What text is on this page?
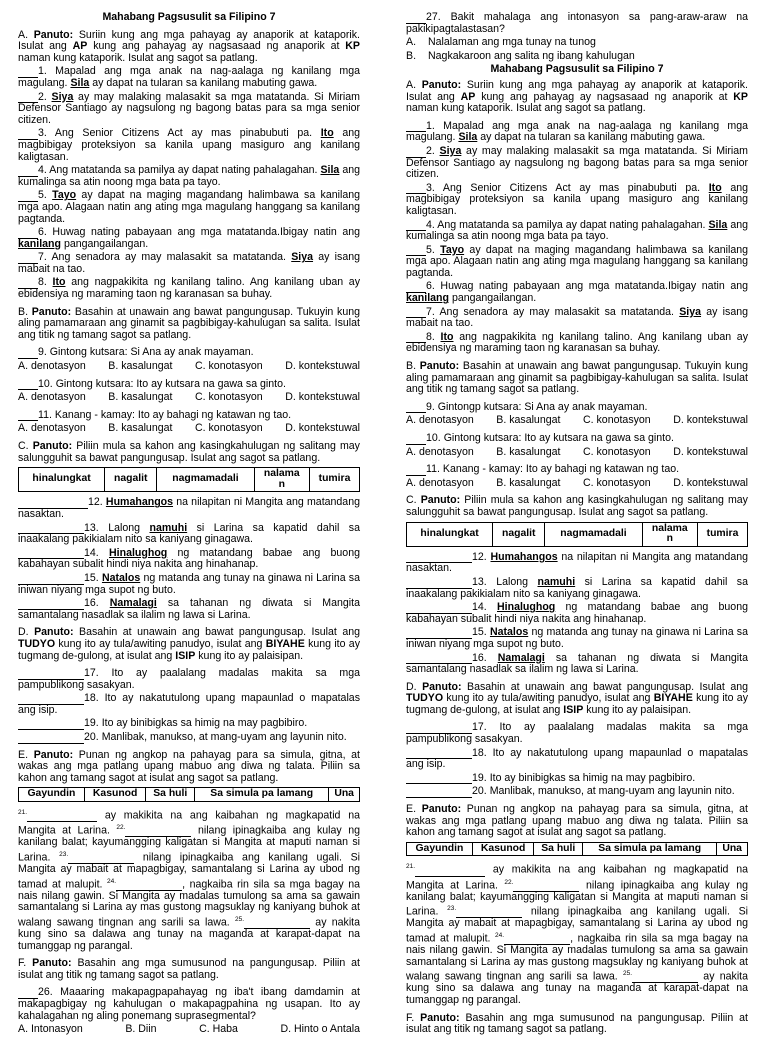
Mahabang Pagsusulit sa Filipino 7

A. Panuto: Suriin kung ang mga pahayag ay anaporik at kataporik. Isulat ang AP kung ang pahayag ay nagsasaad ng anaporik at KP naman kung kataporik. Isulat ang sagot sa patlang.

1. Mapalad ang mga anak na nag-aalaga ng kanilang mga magulang. Sila ay dapat na tularan sa kanilang mabuting gawa.

2. Siya ay may malaking malasakit sa mga matatanda. Si Miriam Defensor Santiago ay nagsulong ng bagong batas para sa mga senior citizen.

3. Ang Senior Citizens Act ay mas pinabubuti pa. Ito ang magbibigay proteksiyon sa kanila upang masiguro ang kanilang kaligtasan.

4. Ang matatanda sa pamilya ay dapat nating pahalagahan. Sila ang kumalinga sa atin noong mga bata pa tayo.

5. Tayo ay dapat na maging magandang halimbawa sa kanilang mga apo. Alagaan natin ang ating mga magulang hanggang sa kanilang pagtanda.

6. Huwag nating pabayaan ang mga matatanda.Ibigay natin ang kanilang pangangailangan.

7. Ang senadora ay may malasakit sa matatanda. Siya ay isang mabait na tao.

8. Ito ang nagpakikita ng kanilang talino. Ang kanilang uban ay ebidensiya ng maraming taon ng karanasan sa buhay.

B. Panuto: Basahin at unawain ang bawat pangungusap. Tukuyin kung aling pamamaraan ang ginamit sa pagbibigay-kahulugan sa salita. Isulat ang titik ng tamang sagot sa patlang.

9. Gintong kutsara: Si Ana ay anak mayaman.

A. denotasyon B. kasalungat C. konotasyon D. kontekstuwal

10. Gintong kutsara: Ito ay kutsara na gawa sa ginto.

A. denotasyon B. kasalungat C. konotasyon D. kontekstuwal

11. Kanang - kamay: Ito ay bahagi ng katawan ng tao.

A. denotasyon B. kasalungat C. konotasyon D. kontekstuwal

C. Panuto: Piliin mula sa kahon ang kasingkahulugan ng salitang may salungguhit sa bawat pangungusap. Isulat ang sagot sa patlang.

hinalungkat	nagalit	nagmamadali	nalama
n	tumira

12. Humahangos na nilapitan ni Mangita ang matandang nasaktan.

13. Lalong namuhi si Larina sa kapatid dahil sa inaakalang pakikialam nito sa kaniyang ginagawa.

14. Hinalughog ng matandang babae ang buong kabahayan subalit hindi niya nakita ang hinahanap.

15. Natalos ng matanda ang tunay na ginawa ni Larina sa iniwan niyang mga supot ng buto.

16. Namalagi sa tahanan ng diwata si Mangita samantalang nasadlak sa ilalim ng lawa si Larina.

D. Panuto: Basahin at unawain ang bawat pangungusap. Isulat ang TUDYO kung ito ay tula/awiting panudyo, isulat ang BIYAHE kung ito ay tugmang de-gulong, at isulat ang ISIP kung ito ay palaisipan.

17. Ito ay paalalang madalas makita sa mga pampublikong sasakyan.

18. Ito ay nakatutulong upang mapaunlad o mapatalas ang isip.

19. Ito ay binibigkas sa himig na may pagbibiro.

20. Manlibak, manukso, at mang-uyam ang layunin nito.

E. Panuto: Punan ng angkop na pahayag para sa simula, gitna, at wakas ang mga patlang upang mabuo ang diwa ng talata. Piliin sa kahon ang tamang sagot at isulat ang sagot sa patlang.

Gayundin	Kasunod	Sa huli	Sa simula pa lamang	Una

$^{21.}$	ay makikita na ang kaibahan ng magkapatid na Mangita at Larina. $^{22.}$	nilang ipinagkaiba ang kulay ng kanilang balat; kayumangging kaligatan si Mangita at maputi naman si Larina. $^{23.}$	nilang ipinagkaiba ang kanilang ugali. Si Mangita ay mabait at mapagbigay, samantalang si Larina ay ubod ng tamad at malupit. $^{24.}$	, nagkaiba rin sila sa mga bagay na nais nilang gawin. Si Mangita ay madalas tumulong sa ama sa gawain samantalang si Larina ay mas gustong magsuklay ng kaniyang buhok at walang sawang tingnan ang sarili sa lawa. $^{25.}$	ay nakita kung sino sa dalawa ang tunay na maganda at karapat-dapat na tumanggap ng parangal.

F. Panuto: Basahin ang mga sumusunod na pangungusap. Piliin at isulat ang titik ng tamang sagot sa patlang.

26. Maaaring makapagpapahayag ng iba't ibang damdamin at makapagbigay ng kahulugan o makapagpahina ng usapan. Ito ay kahalagahan ng aling ponemang suprasegmental?

A. Intonasyon	B. Diin	C. Haba	D. Hinto o Antala

27. Bakit mahalaga ang intonasyon sa pang-araw-araw na pakikipagtalastasan?

A. Nalalaman ang mga tunay na tunog

B. Nagkakaroon ang salita ng ibang kahulugan

Mahabang Pagsusulit sa Filipino 7

A. Panuto: Suriin kung ang mga pahayag ay anaporik at kataporik. Isulat ang AP kung ang pahayag ay nagsasaad ng anaporik at KP naman kung kataporik. Isulat ang sagot sa patlang.

1. Mapalad ang mga anak na nag-aalaga ng kanilang mga magulang. Sila ay dapat na tularan sa kanilang mabuting gawa.

2. Siya ay may malaking malasakit sa mga matatanda. Si Miriam Defensor Santiago ay nagsulong ng bagong batas para sa mga senior citizen.

3. Ang Senior Citizens Act ay mas pinabubuti pa. Ito ang magbibigay proteksiyon sa kanila upang masiguro ang kanilang kaligtasan.

4. Ang matatanda sa pamilya ay dapat nating pahalagahan. Sila ang kumalinga sa atin noong mga bata pa tayo.

5. Tayo ay dapat na maging magandang halimbawa sa kanilang mga apo. Alagaan natin ang ating mga magulang hanggang sa kanilang pagtanda.

6. Huwag nating pabayaan ang mga matatanda.Ibigay natin ang kanilang pangangailangan.

7. Ang senadora ay may malasakit sa matatanda. Siya ay isang mabait na tao.

8. Ito ang nagpakikita ng kanilang talino. Ang kanilang uban ay ebidensiya ng maraming taon ng karanasan sa buhay.

B. Panuto: Basahin at unawain ang bawat pangungusap. Tukuyin kung aling pamamaraan ang ginamit sa pagbibigay-kahulugan sa salita. Isulat ang titik ng tamang sagot sa patlang.

9. Gintongp kutsara: Si Ana ay anak mayaman.

A. denotasyon B. kasalungat C. konotasyon D. kontekstuwal

10. Gintong kutsara: Ito ay kutsara na gawa sa ginto.

A. denotasyon B. kasalungat C. konotasyon D. kontekstuwal

11. Kanang - kamay: Ito ay bahagi ng katawan ng tao.

A. denotasyon B. kasalungat C. konotasyon D. kontekstuwal

C. Panuto: Piliin mula sa kahon ang kasingkahulugan ng salitang may salungguhit sa bawat pangungusap. Isulat ang sagot sa patlang.

hinalungkat	nagalit	nagmamadali	nalama
n	tumira

12. Humahangos na nilapitan ni Mangita ang matandang nasaktan.

13. Lalong namuhi si Larina sa kapatid dahil sa inaakalang pakikialam nito sa kaniyang ginagawa.

14. Hinalughog ng matandang babae ang buong kabahayan subalit hindi niya nakita ang hinahanap.

15. Natalos ng matanda ang tunay na ginawa ni Larina sa iniwan niyang mga supot ng buto.

16. Namalagi sa tahanan ng diwata si Mangita samantalang nasadlak sa ilalim ng lawa si Larina.

D. Panuto: Basahin at unawain ang bawat pangungusap. Isulat ang TUDYO kung ito ay tula/awiting panudyo, isulat ang BIYAHE kung ito ay tugmang de-gulong, at isulat ang ISIP kung ito ay palaisipan.

17. Ito ay paalalang madalas makita sa mga pampublikong sasakyan.

18. Ito ay nakatutulong upang mapaunlad o mapatalas ang isip.

19. Ito ay binibigkas sa himig na may pagbibiro.

20. Manlibak, manukso, at mang-uyam ang layunin nito.

E. Panuto: Punan ng angkop na pahayag para sa simula, gitna, at wakas ang mga patlang upang mabuo ang diwa ng talata. Piliin sa kahon ang tamang sagot at isulat ang sagot sa patlang.

Gayundin	Kasunod	Sa huli	Sa simula pa lamang	Una

$^{21.}$	ay makikita na ang kaibahan ng magkapatid na Mangita at Larina. $^{22.}$	nilang ipinagkaiba ang kulay ng kanilang balat; kayumangging kaligatan si Mangita at maputi naman si Larina. $^{23.}$	nilang ipinagkaiba ang kanilang ugali. Si Mangita ay mabait at mapagbigay, samantalang si Larina ay ubod ng tamad at malupit. $^{24.}$	, nagkaiba rin sila sa mga bagay na nais nilang gawin. Si Mangita ay madalas tumulong sa ama sa gawain samantalang si Larina ay mas gustong magsuklay ng kaniyang buhok at walang sawang tingnan ang sarili sa lawa. $^{25.}$	ay nakita kung sino sa dalawa ang tunay na maganda at karapat-dapat na tumanggap ng parangal.

F. Panuto: Basahin ang mga sumusunod na pangungusap. Piliin at isulat ang titik ng tamang sagot sa patlang.
